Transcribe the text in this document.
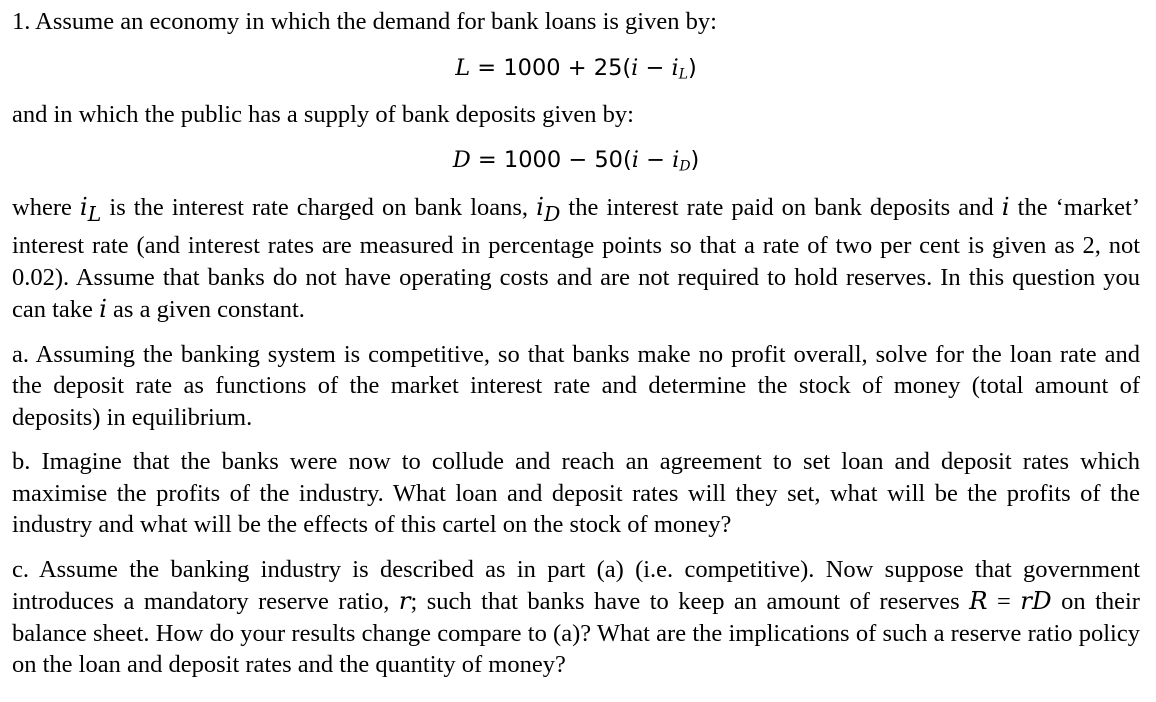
1. Assume an economy in which the demand for bank loans is given by:

$L = 1000 + 25(i - i_L)$

and in which the public has a supply of bank deposits given by:

$D = 1000 - 50(i - i_D)$

where $i_L$ is the interest rate charged on bank loans, $i_D$ the interest rate paid on bank deposits and i the ‘market’ interest rate (and interest rates are measured in percentage points so that a rate of two per cent is given as 2, not 0.02). Assume that banks do not have operating costs and are not required to hold reserves. In this question you can take i as a given constant.

a. Assuming the banking system is competitive, so that banks make no profit overall, solve for the loan rate and the deposit rate as functions of the market interest rate and determine the stock of money (total amount of deposits) in equilibrium.

b. Imagine that the banks were now to collude and reach an agreement to set loan and deposit rates which maximise the profits of the industry. What loan and deposit rates will they set, what will be the profits of the industry and what will be the effects of this cartel on the stock of money?

c. Assume the banking industry is described as in part (a) (i.e. competitive). Now suppose that government introduces a mandatory reserve ratio, r; such that banks have to keep an amount of reserves R = rD on their balance sheet. How do your results change compare to (a)? What are the implications of such a reserve ratio policy on the loan and deposit rates and the quantity of money?
